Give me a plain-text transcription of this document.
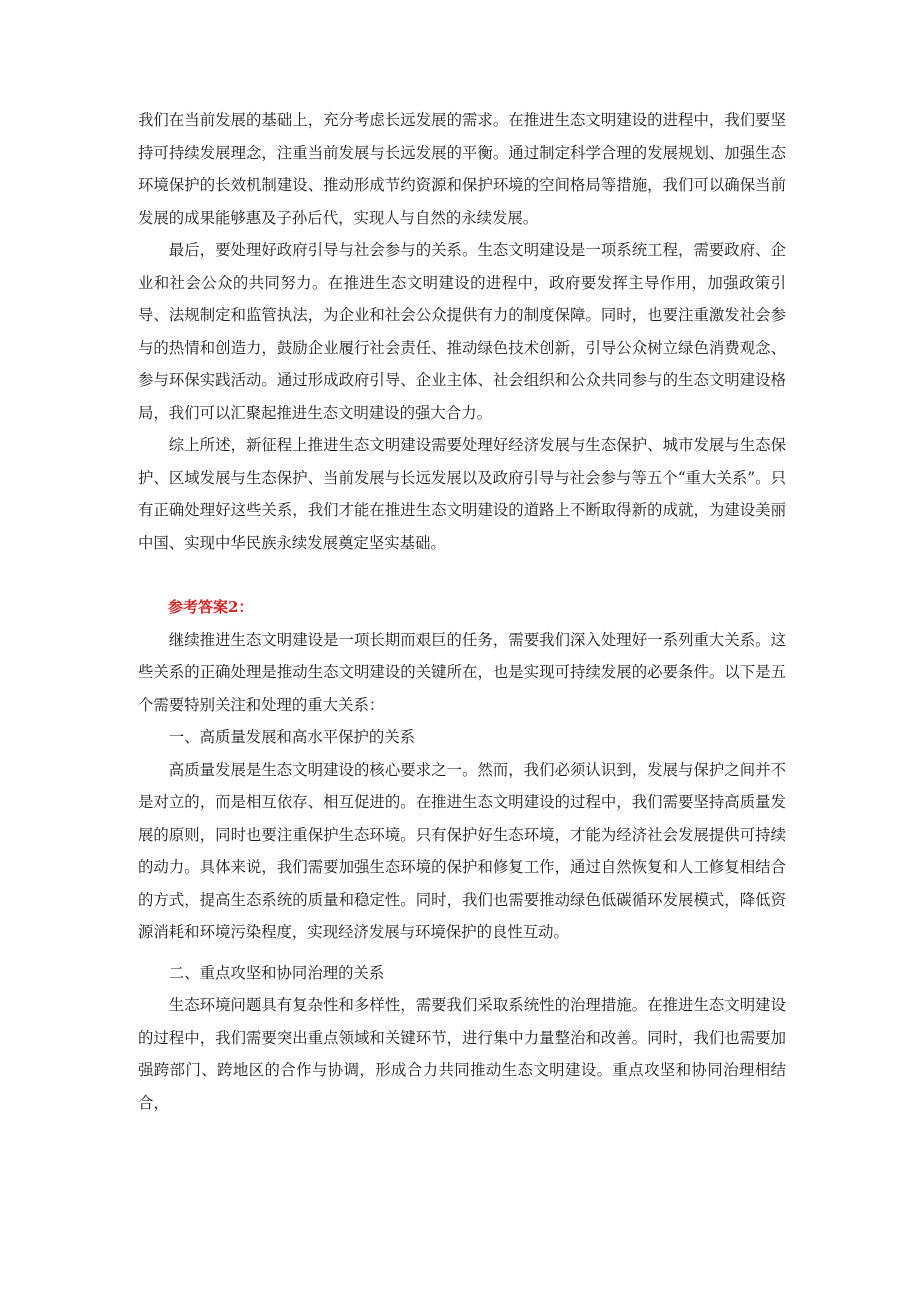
我们在当前发展的基础上，充分考虑长远发展的需求。在推进生态文明建设的进程中，我们要坚持可持续发展理念，注重当前发展与长远发展的平衡。通过制定科学合理的发展规划、加强生态环境保护的长效机制建设、推动形成节约资源和保护环境的空间格局等措施，我们可以确保当前发展的成果能够惠及子孙后代，实现人与自然的永续发展。

最后，要处理好政府引导与社会参与的关系。生态文明建设是一项系统工程，需要政府、企业和社会公众的共同努力。在推进生态文明建设的进程中，政府要发挥主导作用，加强政策引导、法规制定和监管执法，为企业和社会公众提供有力的制度保障。同时，也要注重激发社会参与的热情和创造力，鼓励企业履行社会责任、推动绿色技术创新，引导公众树立绿色消费观念、参与环保实践活动。通过形成政府引导、企业主体、社会组织和公众共同参与的生态文明建设格局，我们可以汇聚起推进生态文明建设的强大合力。

综上所述，新征程上推进生态文明建设需要处理好经济发展与生态保护、城市发展与生态保护、区域发展与生态保护、当前发展与长远发展以及政府引导与社会参与等五个“重大关系”。只有正确处理好这些关系，我们才能在推进生态文明建设的道路上不断取得新的成就，为建设美丽中国、实现中华民族永续发展奠定坚实基础。

参考答案2：

继续推进生态文明建设是一项长期而艰巨的任务，需要我们深入处理好一系列重大关系。这些关系的正确处理是推动生态文明建设的关键所在，也是实现可持续发展的必要条件。以下是五个需要特别关注和处理的重大关系：

一、高质量发展和高水平保护的关系

高质量发展是生态文明建设的核心要求之一。然而，我们必须认识到，发展与保护之间并不是对立的，而是相互依存、相互促进的。在推进生态文明建设的过程中，我们需要坚持高质量发展的原则，同时也要注重保护生态环境。只有保护好生态环境，才能为经济社会发展提供可持续的动力。具体来说，我们需要加强生态环境的保护和修复工作，通过自然恢复和人工修复相结合的方式，提高生态系统的质量和稳定性。同时，我们也需要推动绿色低碳循环发展模式，降低资源消耗和环境污染程度，实现经济发展与环境保护的良性互动。

二、重点攻坚和协同治理的关系

生态环境问题具有复杂性和多样性，需要我们采取系统性的治理措施。在推进生态文明建设的过程中，我们需要突出重点领域和关键环节，进行集中力量整治和改善。同时，我们也需要加强跨部门、跨地区的合作与协调，形成合力共同推动生态文明建设。重点攻坚和协同治理相结合，
